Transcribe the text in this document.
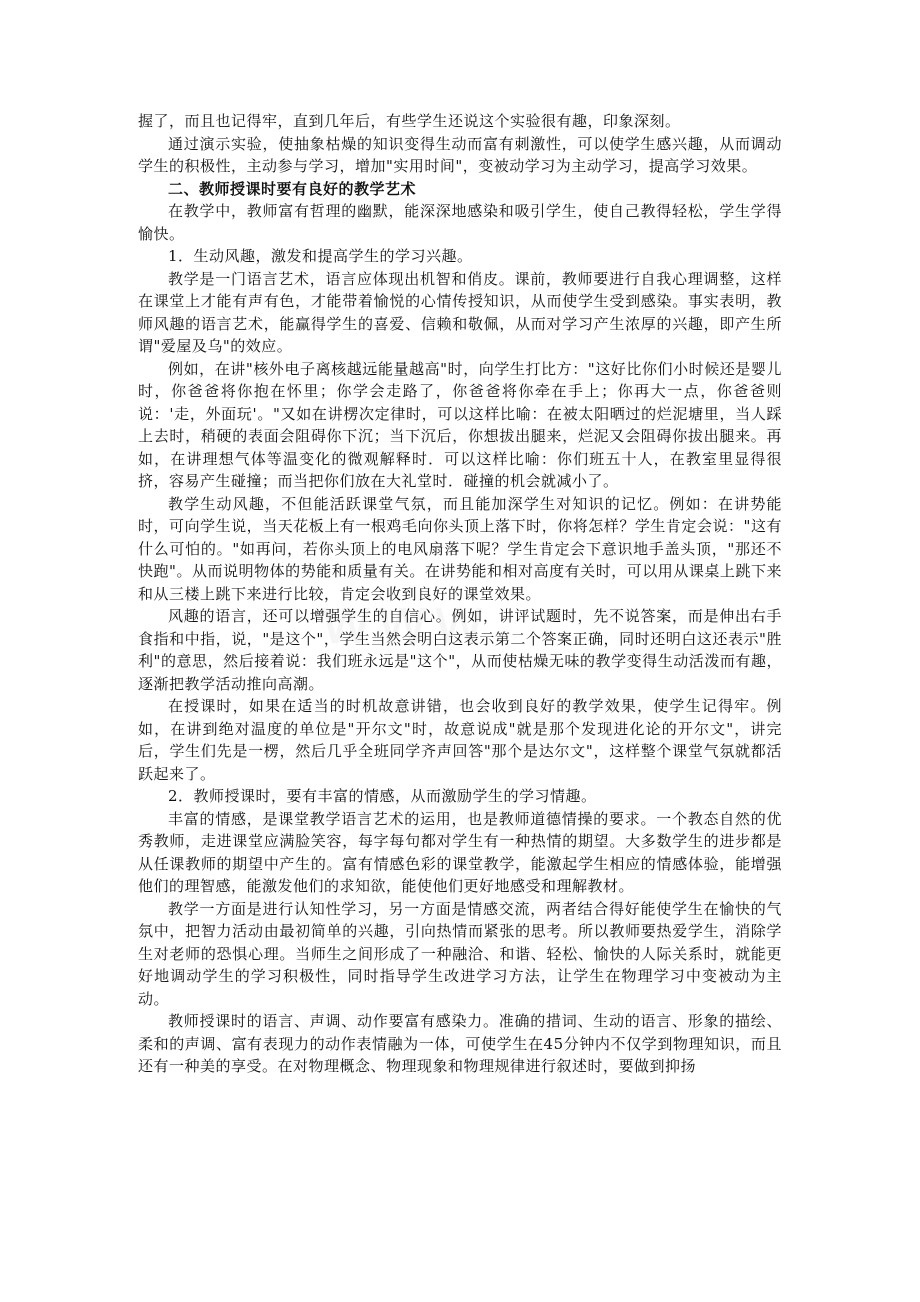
握了，而且也记得牢，直到几年后，有些学生还说这个实验很有趣，印象深刻。

通过演示实验，使抽象枯燥的知识变得生动而富有刺激性，可以使学生感兴趣，从而调动学生的积极性，主动参与学习，增加"实用时间"，变被动学习为主动学习，提高学习效果。

二、教师授课时要有良好的教学艺术

在教学中，教师富有哲理的幽默，能深深地感染和吸引学生，使自己教得轻松，学生学得愉快。

1．生动风趣，激发和提高学生的学习兴趣。

教学是一门语言艺术，语言应体现出机智和俏皮。课前，教师要进行自我心理调整，这样在课堂上才能有声有色，才能带着愉悦的心情传授知识，从而使学生受到感染。事实表明，教师风趣的语言艺术，能赢得学生的喜爱、信赖和敬佩，从而对学习产生浓厚的兴趣，即产生所谓"爱屋及乌"的效应。

例如，在讲"核外电子离核越远能量越高"时，向学生打比方："这好比你们小时候还是婴儿时，你爸爸将你抱在怀里；你学会走路了，你爸爸将你牵在手上；你再大一点，你爸爸则说：'走，外面玩'。"又如在讲楞次定律时，可以这样比喻：在被太阳晒过的烂泥塘里，当人踩上去时，稍硬的表面会阻碍你下沉；当下沉后，你想拔出腿来，烂泥又会阻碍你拔出腿来。再如，在讲理想气体等温变化的微观解释时．可以这样比喻：你们班五十人，在教室里显得很挤，容易产生碰撞；而当把你们放在大礼堂时．碰撞的机会就减小了。

教学生动风趣，不但能活跃课堂气氛，而且能加深学生对知识的记忆。例如：在讲势能时，可向学生说，当天花板上有一根鸡毛向你头顶上落下时，你将怎样？学生肯定会说："这有什么可怕的。"如再问，若你头顶上的电风扇落下呢？学生肯定会下意识地手盖头顶，"那还不快跑"。从而说明物体的势能和质量有关。在讲势能和相对高度有关时，可以用从课桌上跳下来和从三楼上跳下来进行比较，肯定会收到良好的课堂效果。

风趣的语言，还可以增强学生的自信心。例如，讲评试题时，先不说答案，而是伸出右手食指和中指，说，"是这个"，学生当然会明白这表示第二个答案正确，同时还明白这还表示"胜利"的意思，然后接着说：我们班永远是"这个"，从而使枯燥无味的教学变得生动活泼而有趣，逐渐把教学活动推向高潮。

在授课时，如果在适当的时机故意讲错，也会收到良好的教学效果，使学生记得牢。例如，在讲到绝对温度的单位是"开尔文"时，故意说成"就是那个发现进化论的开尔文"，讲完后，学生们先是一楞，然后几乎全班同学齐声回答"那个是达尔文"，这样整个课堂气氛就都活跃起来了。

2．教师授课时，要有丰富的情感，从而激励学生的学习情趣。

丰富的情感，是课堂教学语言艺术的运用，也是教师道德情操的要求。一个教态自然的优秀教师，走进课堂应满脸笑容，每字每句都对学生有一种热情的期望。大多数学生的进步都是从任课教师的期望中产生的。富有情感色彩的课堂教学，能激起学生相应的情感体验，能增强他们的理智感，能激发他们的求知欲，能使他们更好地感受和理解教材。

教学一方面是进行认知性学习，另一方面是情感交流，两者结合得好能使学生在愉快的气氛中，把智力活动由最初简单的兴趣，引向热情而紧张的思考。所以教师要热爱学生，消除学生对老师的恐惧心理。当师生之间形成了一种融洽、和谐、轻松、愉快的人际关系时，就能更好地调动学生的学习积极性，同时指导学生改进学习方法，让学生在物理学习中变被动为主动。

教师授课时的语言、声调、动作要富有感染力。准确的措词、生动的语言、形象的描绘、柔和的声调、富有表现力的动作表情融为一体，可使学生在45分钟内不仅学到物理知识，而且还有一种美的享受。在对物理概念、物理现象和物理规律进行叙述时，要做到抑扬
